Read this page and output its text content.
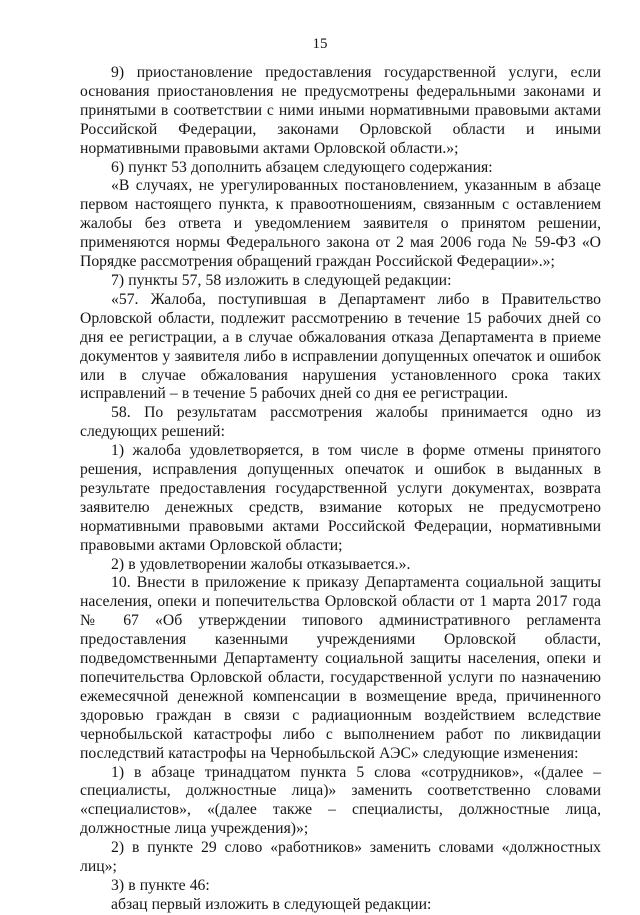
15

9) приостановление предоставления государственной услуги, если основания приостановления не предусмотрены федеральными законами и принятыми в соответствии с ними иными нормативными правовыми актами Российской Федерации, законами Орловской области и иными нормативными правовыми актами Орловской области.»;

6) пункт 53 дополнить абзацем следующего содержания:

«В случаях, не урегулированных постановлением, указанным в абзаце первом настоящего пункта, к правоотношениям, связанным с оставлением жалобы без ответа и уведомлением заявителя о принятом решении, применяются нормы Федерального закона от 2 мая 2006 года № 59-ФЗ «О Порядке рассмотрения обращений граждан Российской Федерации».»;

7) пункты 57, 58 изложить в следующей редакции:

«57. Жалоба, поступившая в Департамент либо в Правительство Орловской области, подлежит рассмотрению в течение 15 рабочих дней со дня ее регистрации, а в случае обжалования отказа Департамента в приеме документов у заявителя либо в исправлении допущенных опечаток и ошибок или в случае обжалования нарушения установленного срока таких исправлений – в течение 5 рабочих дней со дня ее регистрации.

58. По результатам рассмотрения жалобы принимается одно из следующих решений:

1) жалоба удовлетворяется, в том числе в форме отмены принятого решения, исправления допущенных опечаток и ошибок в выданных в результате предоставления государственной услуги документах, возврата заявителю денежных средств, взимание которых не предусмотрено нормативными правовыми актами Российской Федерации, нормативными правовыми актами Орловской области;

2) в удовлетворении жалобы отказывается.».

10. Внести в приложение к приказу Департамента социальной защиты населения, опеки и попечительства Орловской области от 1 марта 2017 года № 67 «Об утверждении типового административного регламента предоставления казенными учреждениями Орловской области, подведомственными Департаменту социальной защиты населения, опеки и попечительства Орловской области, государственной услуги по назначению ежемесячной денежной компенсации в возмещение вреда, причиненного здоровью граждан в связи с радиационным воздействием вследствие чернобыльской катастрофы либо с выполнением работ по ликвидации последствий катастрофы на Чернобыльской АЭС» следующие изменения:

1) в абзаце тринадцатом пункта 5 слова «сотрудников», «(далее – специалисты, должностные лица)» заменить соответственно словами «специалистов», «(далее также – специалисты, должностные лица, должностные лица учреждения)»;

2) в пункте 29 слово «работников» заменить словами «должностных лиц»;

3) в пункте 46:

абзац первый изложить в следующей редакции:
